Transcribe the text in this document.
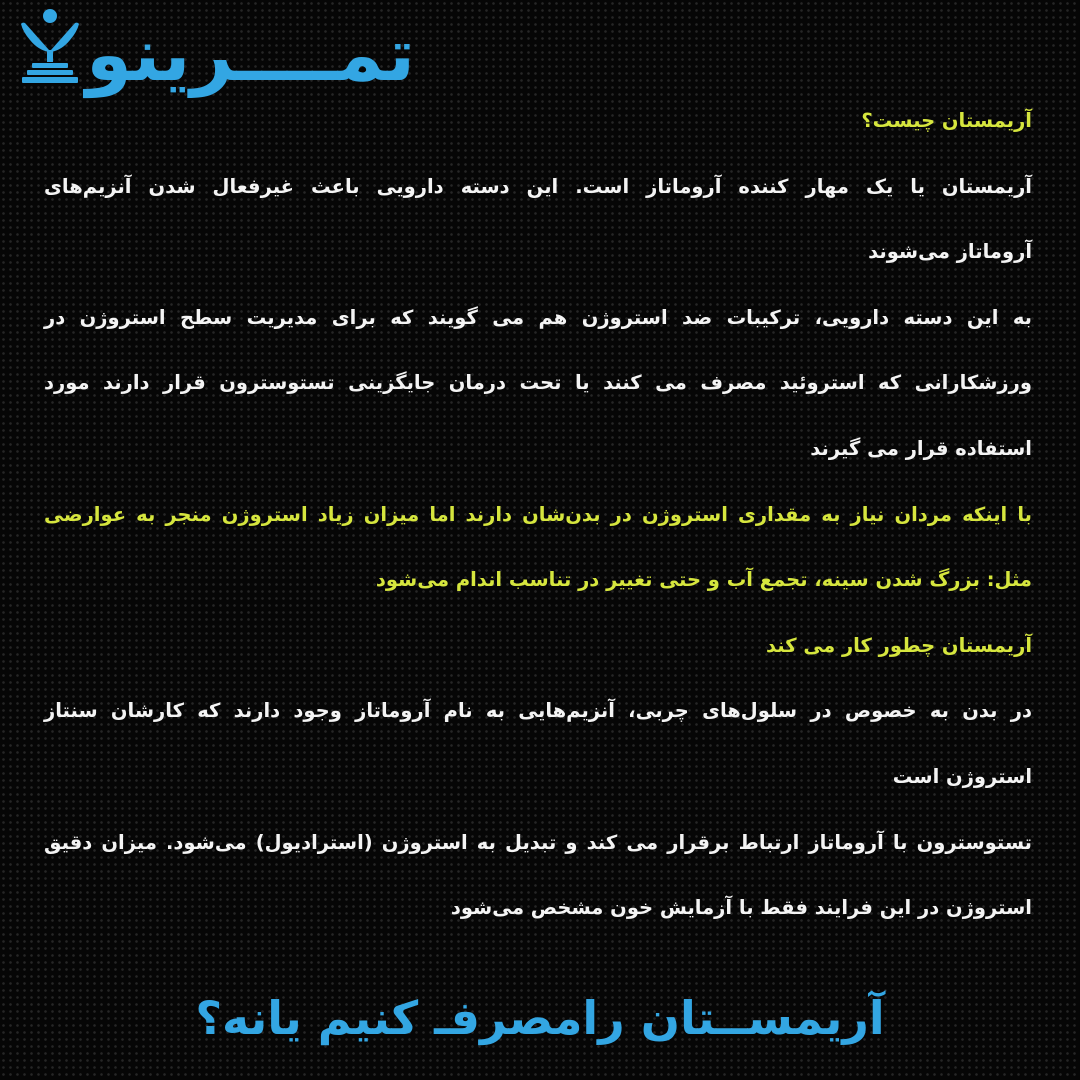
تمــــرینو
آریمستان چیست؟
آریمستان یا یک مهار کننده آروماتاز است. این دسته دارویی باعث غیرفعال شدن آنزیم‌های
آروماتاز می‌شوند
به این دسته دارویی، ترکیبات ضد استروژن هم می گویند که برای مدیریت سطح استروژن در
ورزشکارانی که استروئید مصرف می کنند یا تحت درمان جایگزینی تستوسترون قرار دارند مورد
استفاده قرار می گیرند
با اینکه مردان نیاز به مقداری استروژن در بدن‌شان دارند اما میزان زیاد استروژن منجر به عوارضی
مثل: بزرگ شدن سینه، تجمع آب و حتی تغییر در تناسب اندام می‌شود
آریمستان چطور کار می کند
در بدن به خصوص در سلول‌های چربی، آنزیم‌هایی به نام آروماتاز وجود دارند که کارشان سنتاز
استروژن است
تستوسترون با آروماتاز ارتباط برقرار می کند و تبدیل به استروژن (استرادیول) می‌شود. میزان دقیق
استروژن در این فرایند فقط با آزمایش خون مشخص می‌شود
آریمســتان رامصرفـ کنیم یانه؟
